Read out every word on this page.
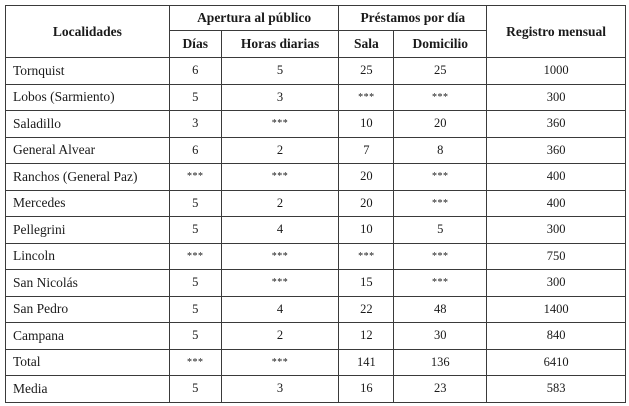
Localidades	Apertura al público		Préstamos por día		Registro mensual
	Días	Horas diarias	Sala	Domicilio	
Tornquist	6	5	25	25	1000
Lobos (Sarmiento)	5	3	***	***	300
Saladillo	3	***	10	20	360
General Alvear	6	2	7	8	360
Ranchos (General Paz)	***	***	20	***	400
Mercedes	5	2	20	***	400
Pellegrini	5	4	10	5	300
Lincoln	***	***	***	***	750
San Nicolás	5	***	15	***	300
San Pedro	5	4	22	48	1400
Campana	5	2	12	30	840
Total	***	***	141	136	6410
Media	5	3	16	23	583
